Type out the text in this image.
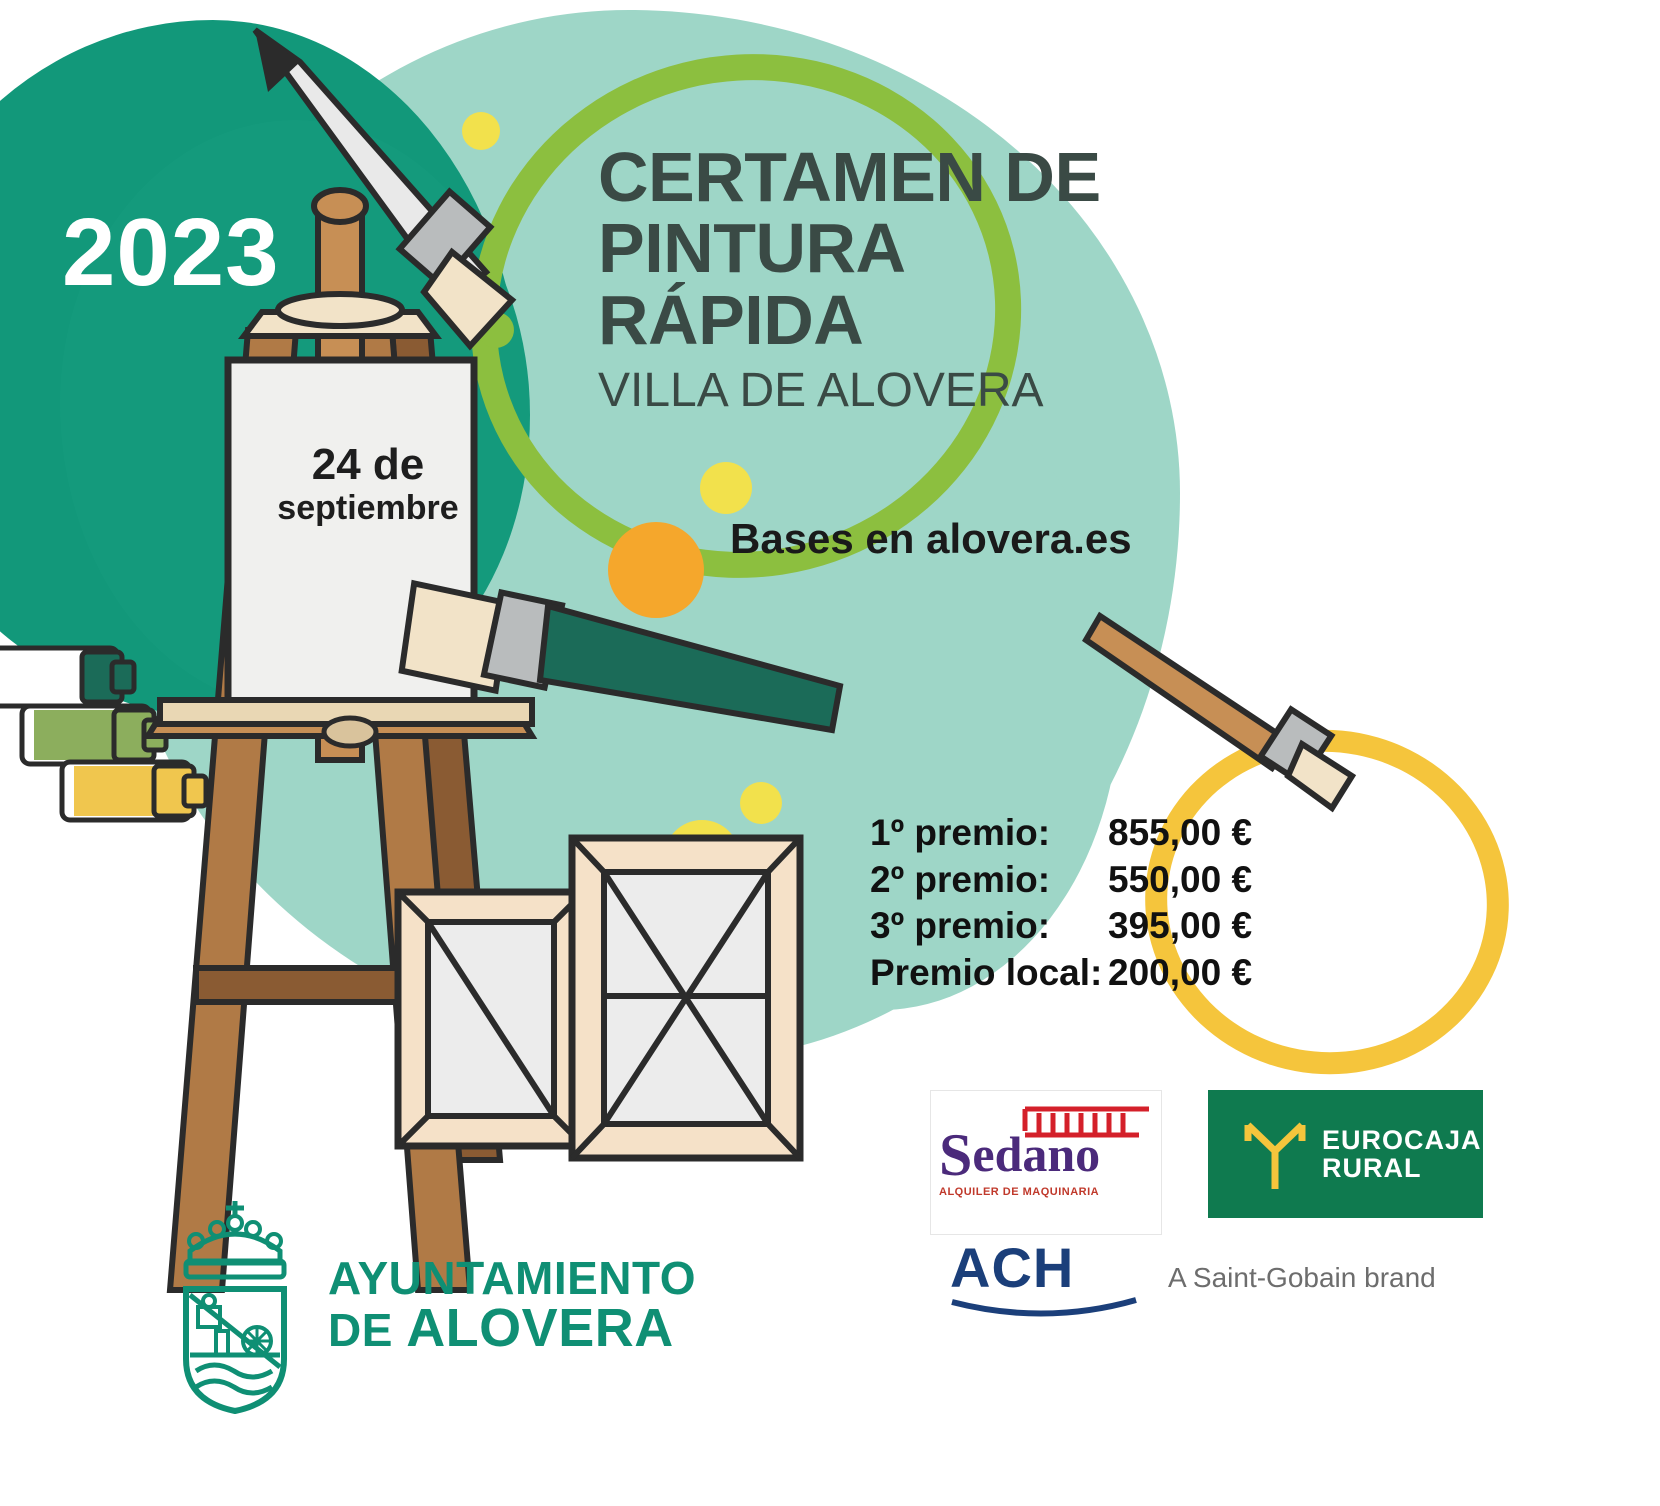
2023
24 de
septiembre
CERTAMEN DE
PINTURA
RÁPIDA
VILLA DE ALOVERA
Bases en alovera.es
1º premio:	855,00 €
2º premio:	550,00 €
3º premio:	395,00 €
Premio local: 200,00 €
AYUNTAMIENTO
DE ALOVERA
S edano
ALQUILER DE MAQUINARIA
EUROCAJA
RURAL
ACH	A Saint-Gobain brand
